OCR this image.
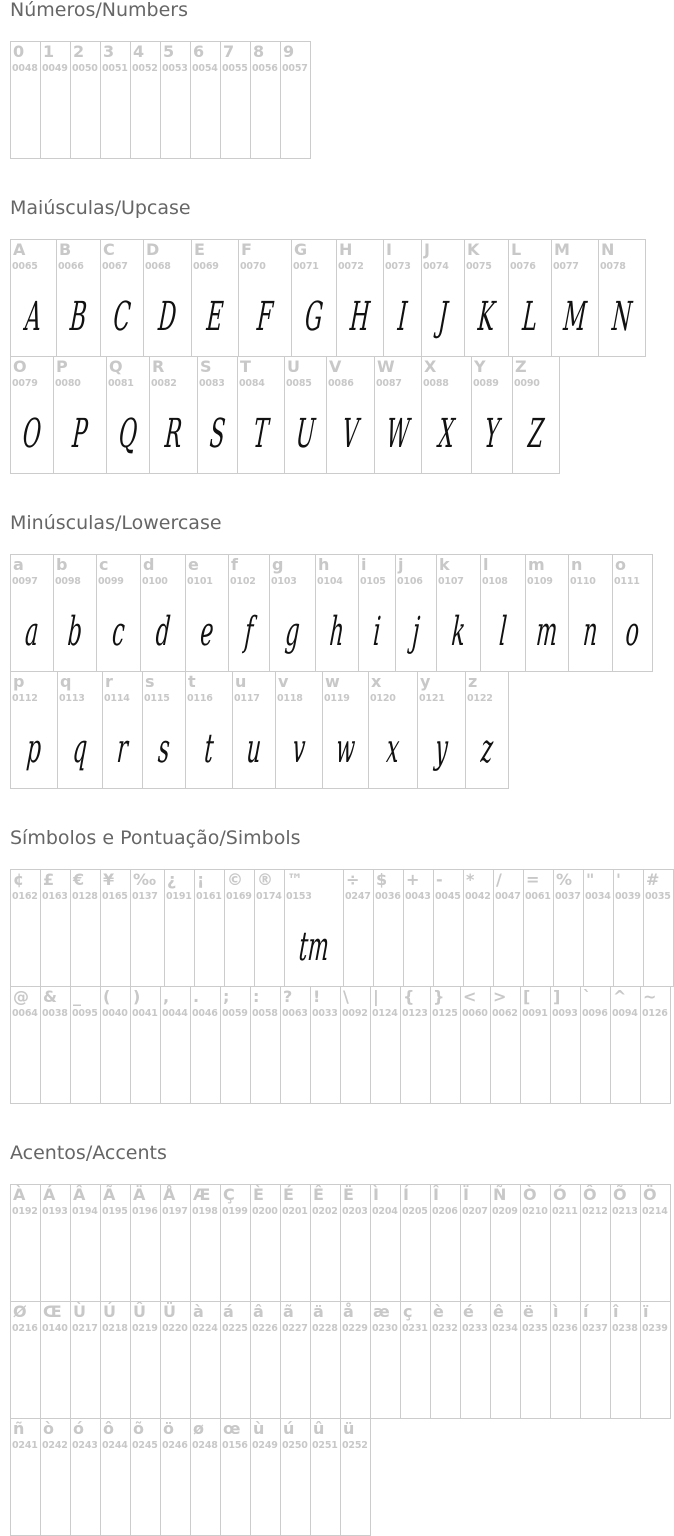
Números/Numbers
0
0048
1
0049
2
0050
3
0051
4
0052
5
0053
6
0054
7
0055
8
0056
9
0057
Maiúsculas/Upcase
A
0065
A
B
0066
B
C
0067
C
D
0068
D
E
0069
E
F
0070
F
G
0071
G
H
0072
H
I
0073
I
J
0074
J
K
0075
K
L
0076
L
M
0077
M
N
0078
N
O
0079
O
P
0080
P
Q
0081
Q
R
0082
R
S
0083
S
T
0084
T
U
0085
U
V
0086
V
W
0087
W
X
0088
X
Y
0089
Y
Z
0090
Z
Minúsculas/Lowercase
a
0097
a
b
0098
b
c
0099
c
d
0100
d
e
0101
e
f
0102
f
g
0103
g
h
0104
h
i
0105
i
j
0106
j
k
0107
k
l
0108
l
m
0109
m
n
0110
n
o
0111
o
p
0112
p
q
0113
q
r
0114
r
s
0115
s
t
0116
t
u
0117
u
v
0118
v
w
0119
w
x
0120
x
y
0121
y
z
0122
z
Símbolos e Pontuação/Simbols
¢
0162
£
0163
€
0128
¥
0165
‰
0137
¿
0191
¡
0161
©
0169
®
0174
™
0153
tm
÷
0247
$
0036
+
0043
-
0045
*
0042
/
0047
=
0061
%
0037
"
0034
'
0039
#
0035
@
0064
&
0038
_
0095
(
0040
)
0041
,
0044
.
0046
;
0059
:
0058
?
0063
!
0033
\
0092
|
0124
{
0123
}
0125
<
0060
>
0062
[
0091
]
0093
`
0096
^
0094
~
0126
Acentos/Accents
À
0192
Á
0193
Â
0194
Ã
0195
Ä
0196
Å
0197
Æ
0198
Ç
0199
È
0200
É
0201
Ê
0202
Ë
0203
Ì
0204
Í
0205
Î
0206
Ï
0207
Ñ
0209
Ò
0210
Ó
0211
Ô
0212
Õ
0213
Ö
0214
Ø
0216
Œ
0140
Ù
0217
Ú
0218
Û
0219
Ü
0220
à
0224
á
0225
â
0226
ã
0227
ä
0228
å
0229
æ
0230
ç
0231
è
0232
é
0233
ê
0234
ë
0235
ì
0236
í
0237
î
0238
ï
0239
ñ
0241
ò
0242
ó
0243
ô
0244
õ
0245
ö
0246
ø
0248
œ
0156
ù
0249
ú
0250
û
0251
ü
0252
